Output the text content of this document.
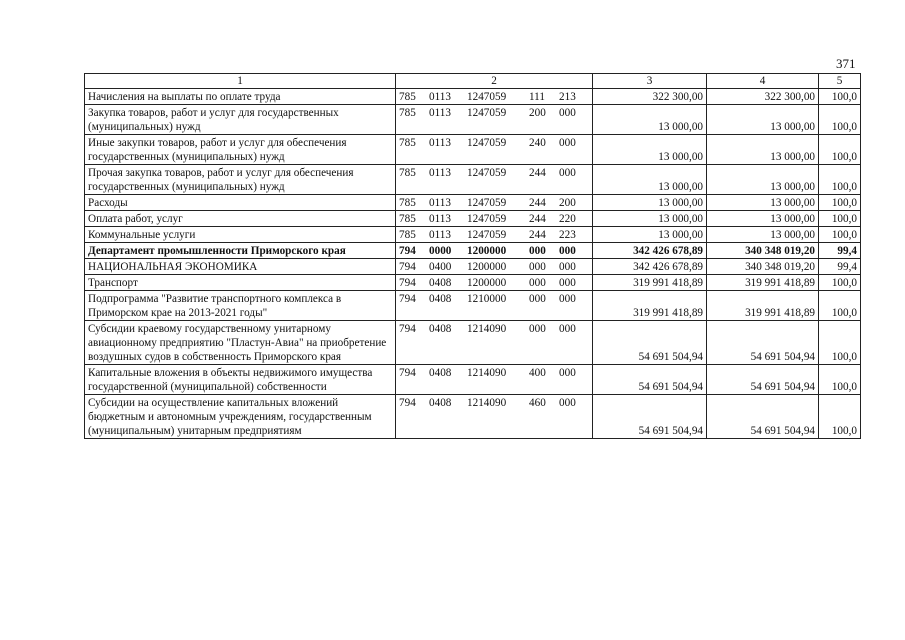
371
1	2	3	4	5
Начисления на выплаты по оплате труда	785 0113 1247059 111 213	322 300,00	322 300,00	100,0
Закупка товаров, работ и услуг для государственных (муниципальных) нужд	785 0113 1247059 200 000	13 000,00	13 000,00	100,0
Иные закупки товаров, работ и услуг для обеспечения государственных (муниципальных) нужд	785 0113 1247059 240 000	13 000,00	13 000,00	100,0
Прочая закупка товаров, работ и услуг для обеспечения государственных (муниципальных) нужд	785 0113 1247059 244 000	13 000,00	13 000,00	100,0
Расходы	785 0113 1247059 244 200	13 000,00	13 000,00	100,0
Оплата работ, услуг	785 0113 1247059 244 220	13 000,00	13 000,00	100,0
Коммунальные услуги	785 0113 1247059 244 223	13 000,00	13 000,00	100,0
Департамент промышленности Приморского края	794 0000 1200000 000 000	342 426 678,89	340 348 019,20	99,4
НАЦИОНАЛЬНАЯ ЭКОНОМИКА	794 0400 1200000 000 000	342 426 678,89	340 348 019,20	99,4
Транспорт	794 0408 1200000 000 000	319 991 418,89	319 991 418,89	100,0
Подпрограмма "Развитие транспортного комплекса в Приморском крае на 2013-2021 годы"	794 0408 1210000 000 000	319 991 418,89	319 991 418,89	100,0
Субсидии краевому государственному унитарному авиационному предприятию "Пластун-Авиа" на приобретение воздушных судов в собственность Приморского края	794 0408 1214090 000 000	54 691 504,94	54 691 504,94	100,0
Капитальные вложения в объекты недвижимого имущества государственной (муниципальной) собственности	794 0408 1214090 400 000	54 691 504,94	54 691 504,94	100,0
Субсидии на осуществление капитальных вложений бюджетным и автономным учреждениям, государственным (муниципальным) унитарным предприятиям	794 0408 1214090 460 000	54 691 504,94	54 691 504,94	100,0
